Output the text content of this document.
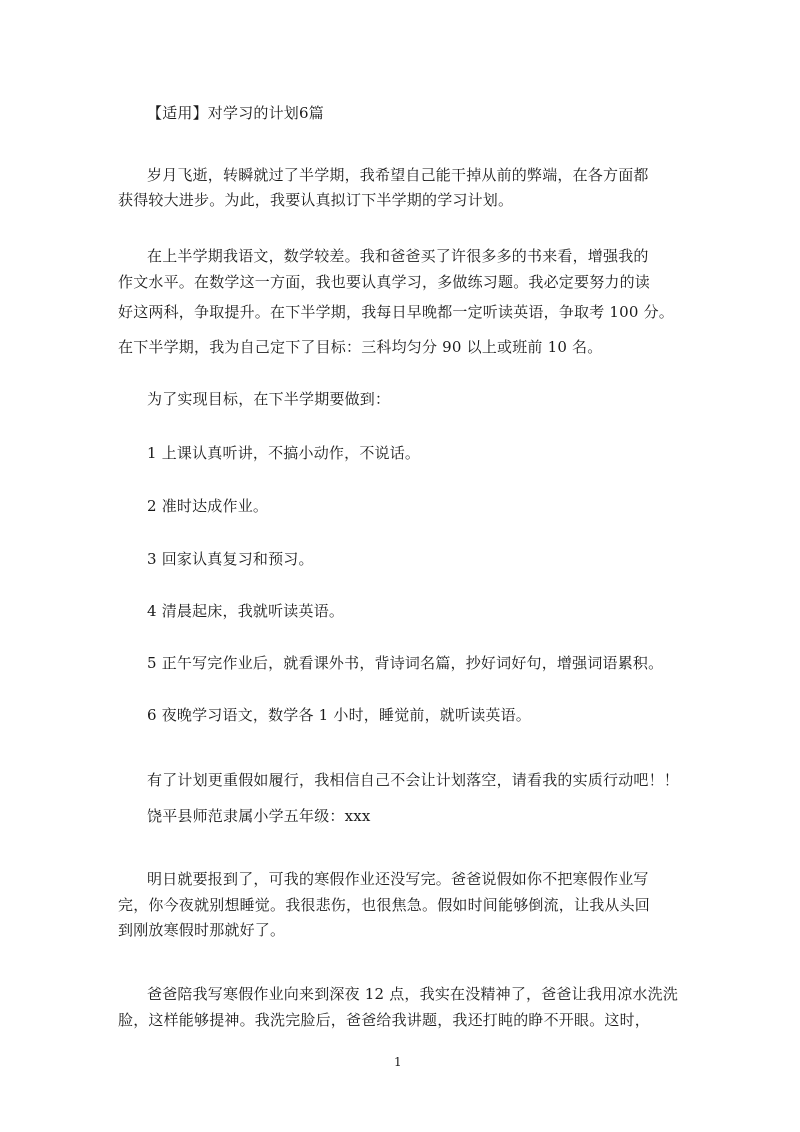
【适用】对学习的计划6篇
岁月飞逝，转瞬就过了半学期，我希望自己能干掉从前的弊端，在各方面都
获得较大进步。为此，我要认真拟订下半学期的学习计划。
在上半学期我语文，数学较差。我和爸爸买了许很多多的书来看，增强我的
作文水平。在数学这一方面，我也要认真学习，多做练习题。我必定要努力的读
好这两科，争取提升。在下半学期，我每日早晚都一定听读英语，争取考 100 分。
在下半学期，我为自己定下了目标：三科均匀分 90 以上或班前 10 名。
为了实现目标，在下半学期要做到：
1 上课认真听讲，不搞小动作，不说话。
2 准时达成作业。
3 回家认真复习和预习。
4 清晨起床，我就听读英语。
5 正午写完作业后，就看课外书，背诗词名篇，抄好词好句，增强词语累积。
6 夜晚学习语文，数学各 1 小时，睡觉前，就听读英语。
有了计划更重假如履行，我相信自己不会让计划落空，请看我的实质行动吧！！
饶平县师范隶属小学五年级：xxx
明日就要报到了，可我的寒假作业还没写完。爸爸说假如你不把寒假作业写
完，你今夜就别想睡觉。我很悲伤，也很焦急。假如时间能够倒流，让我从头回
到刚放寒假时那就好了。
爸爸陪我写寒假作业向来到深夜 12 点，我实在没精神了，爸爸让我用凉水洗洗
脸，这样能够提神。我洗完脸后，爸爸给我讲题，我还打盹的睁不开眼。这时，
1
